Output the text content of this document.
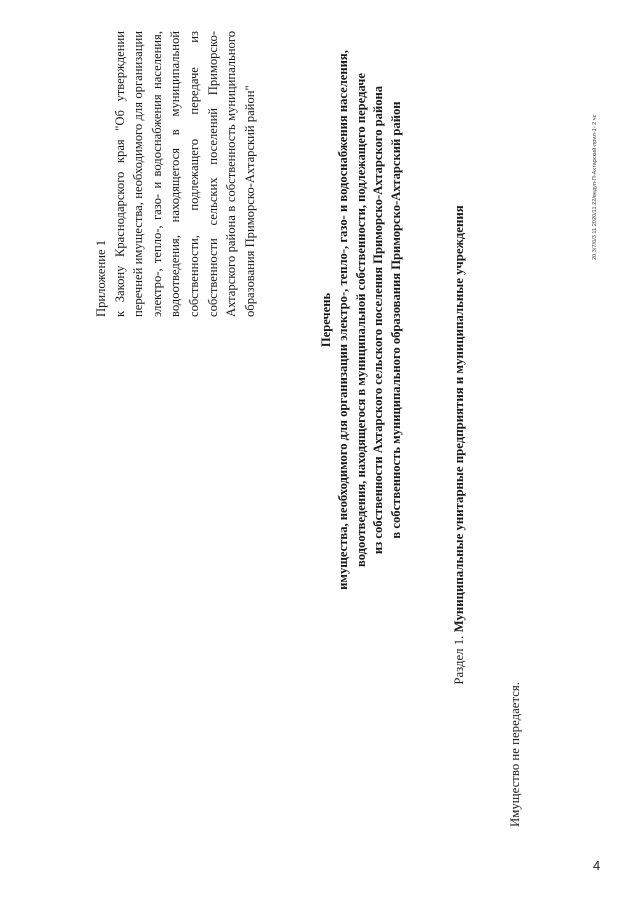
Приложение 1 к Закону Краснодарского края "Об утверждении перечней имущества, необходимого для организации электро-, тепло-, газо- и водоснабжения населения, водоотведения, находящегося в муниципальной собственности, подлежащего передаче из собственности сельских поселений Приморско-Ахтарского района в собственность муниципального образования Приморско-Ахтарский район"

Перечень имущества, необходимого для организации электро-, тепло-, газо- и водоснабжения населения, водоотведения, находящегося в муниципальной собственности, подлежащего передаче из собственности Ахтарского сельского поселения Приморско-Ахтарского района в собственность муниципального образования Приморско-Ахтарский район
Раздел 1. Муниципальные унитарные предприятия и муниципальные учреждения
Имущество не передается.
20.3/7/0/3 11.2020/11.22/ведуп-П-Ахтарский-прил-1- 2 чс
4
